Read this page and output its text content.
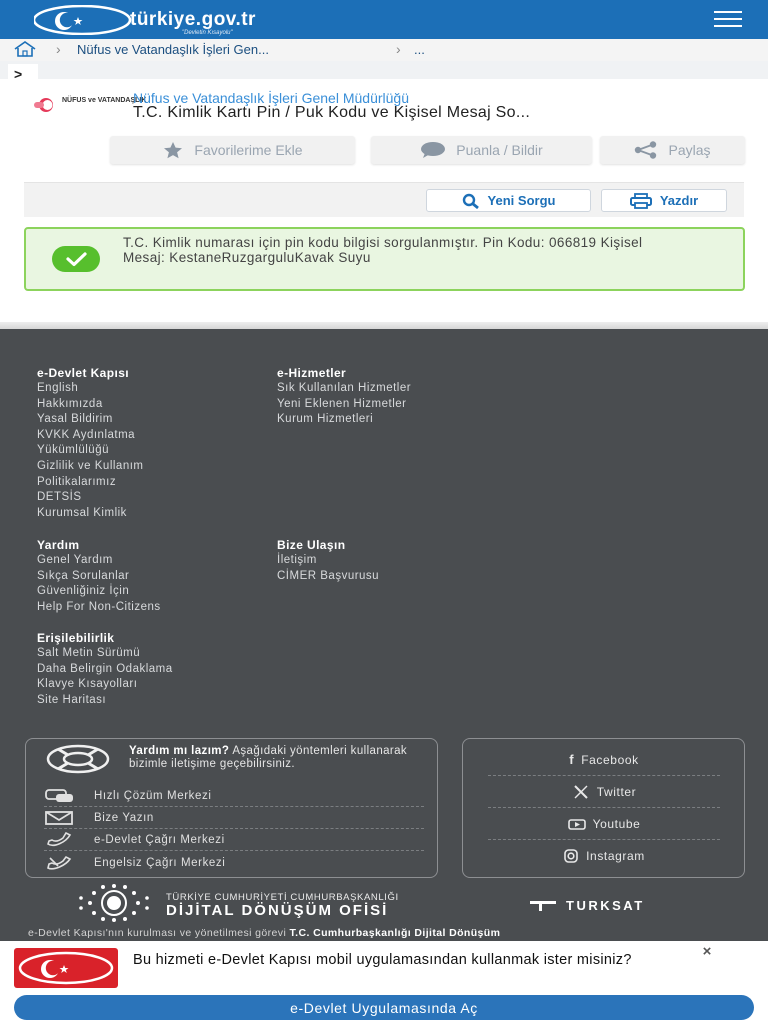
türkiye.gov.tr
"Devletin Kısayolu"
› Nüfus ve Vatandaşlık İşleri Gen...	› ...
>
NÜFUS ve VATANDAŞLIK
Nüfus ve Vatandaşlık İşleri Genel Müdürlüğü
T.C. Kimlik Kartı Pin / Puk Kodu ve Kişisel Mesaj So...
Favorilerime Ekle	Puanla / Bildir	Paylaş
Yeni Sorgu	Yazdır
T.C. Kimlik numarası için pin kodu bilgisi sorgulanmıştır. Pin Kodu: 066819 Kişisel Mesaj: KestaneRuzgarguluKavak Suyu
e-Devlet Kapısı
English
Hakkımızda
Yasal Bildirim
KVKK Aydınlatma
Yükümlülüğü
Gizlilik ve Kullanım
Politikalarımız
DETSİS
Kurumsal Kimlik
e-Hizmetler
Sık Kullanılan Hizmetler
Yeni Eklenen Hizmetler
Kurum Hizmetleri
Yardım
Genel Yardım
Sıkça Sorulanlar
Güvenliğiniz İçin
Help For Non-Citizens
Bize Ulaşın
İletişim
CİMER Başvurusu
Erişilebilirlik
Salt Metin Sürümü
Daha Belirgin Odaklama
Klavye Kısayolları
Site Haritası
Yardım mı lazım? Aşağıdaki yöntemleri kullanarak bizimle iletişime geçebilirsiniz.
Hızlı Çözüm Merkezi
Bize Yazın
e-Devlet Çağrı Merkezi
Engelsiz Çağrı Merkezi
f Facebook
Twitter
Youtube
Instagram
TÜRKİYE CUMHURİYETİ CUMHURBAŞKANLIĞI
DİJİTAL DÖNÜŞÜM OFİSİ	TURKSAT
e-Devlet Kapısı'nın kurulması ve yönetilmesi görevi T.C. Cumhurbaşkanlığı Dijital Dönüşüm
Bu hizmeti e-Devlet Kapısı mobil uygulamasından kullanmak ister misiniz?	×
e-Devlet Uygulamasında Aç
